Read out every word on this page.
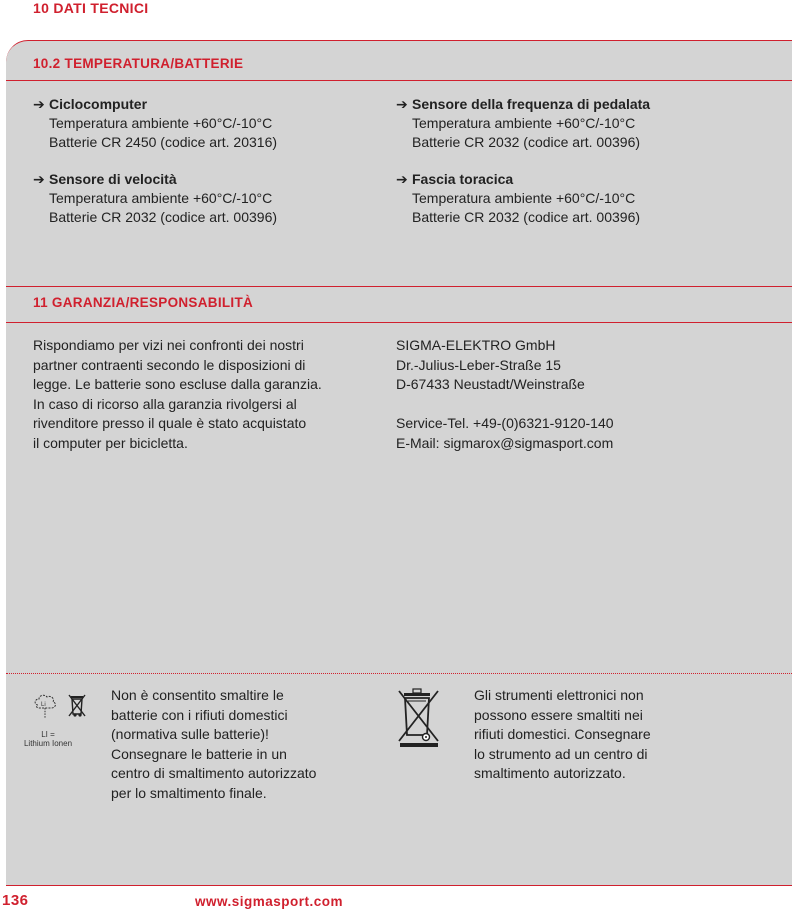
10 DATI TECNICI
10.2 TEMPERATURA/BATTERIE
➔ Ciclocomputer
Temperatura ambiente +60°C/-10°C
Batterie CR 2450 (codice art. 20316)
➔ Sensore di velocità
Temperatura ambiente +60°C/-10°C
Batterie CR 2032 (codice art. 00396)
➔ Sensore della frequenza di pedalata
Temperatura ambiente +60°C/-10°C
Batterie CR 2032 (codice art. 00396)
➔ Fascia toracica
Temperatura ambiente +60°C/-10°C
Batterie CR 2032 (codice art. 00396)
11 GARANZIA/RESPONSABILITÀ
Rispondiamo per vizi nei confronti dei nostri
partner contraenti secondo le disposizioni di
legge. Le batterie sono escluse dalla garanzia.
In caso di ricorso alla garanzia rivolgersi al
rivenditore presso il quale è stato acquistato
il computer per bicicletta.
SIGMA-ELEKTRO GmbH
Dr.-Julius-Leber-Straße 15
D-67433 Neustadt/Weinstraße
Service-Tel. +49-(0)6321-9120-140
E-Mail: sigmarox@sigmasport.com
Li
LI =
Lithium Ionen
Non è consentito smaltire le
batterie con i rifiuti domestici
(normativa sulle batterie)!
Consegnare le batterie in un
centro di smaltimento autorizzato
per lo smaltimento finale.
Gli strumenti elettronici non
possono essere smaltiti nei
rifiuti domestici. Consegnare
lo strumento ad un centro di
smaltimento autorizzato.
136	www.sigmasport.com
